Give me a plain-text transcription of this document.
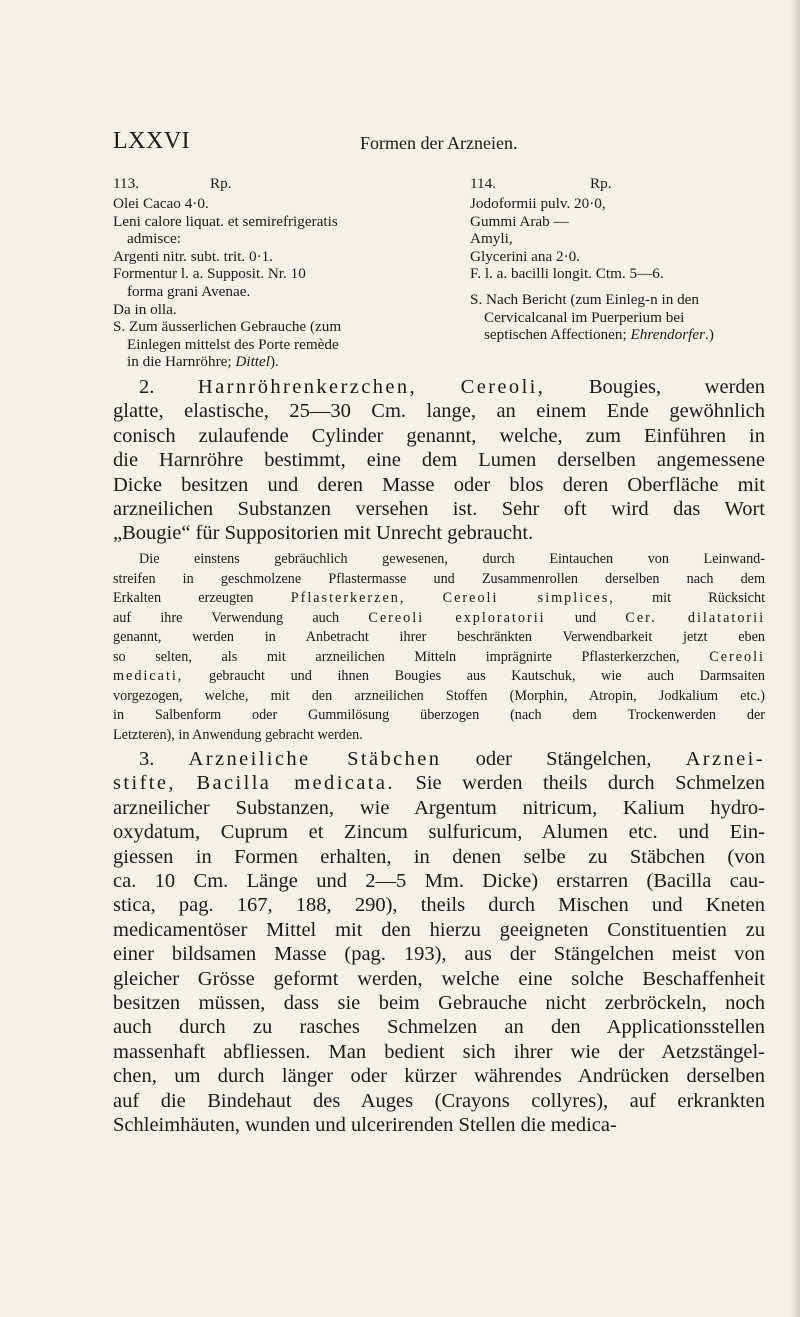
LXXVI	Formen der Arzneien.
113.	Rp.
Olei Cacao 4·0.
Leni calore liquat. et semirefrigeratis
admisce:
Argenti nitr. subt. trit. 0·1.
Formentur l. a. Supposit. Nr. 10
forma grani Avenae.
Da in olla.
S. Zum äusserlichen Gebrauche (zum
Einlegen mittelst des Porte remède
in die Harnröhre; Dittel).
114.	Rp.
Jodoformii pulv. 20·0,
Gummi Arab —
Amyli,
Glycerini ana 2·0.
F. l. a. bacilli longit. Ctm. 5—6.
S. Nach Bericht (zum Einleg-n in den
Cervicalcanal im Puerperium bei
septischen Affectionen; Ehrendorfer.)
2. Harnröhrenkerzchen, Cereoli, Bougies, werden
glatte, elastische, 25—30 Cm. lange, an einem Ende gewöhnlich
conisch zulaufende Cylinder genannt, welche, zum Einführen in
die Harnröhre bestimmt, eine dem Lumen derselben angemessene
Dicke besitzen und deren Masse oder blos deren Oberfläche mit
arzneilichen Substanzen versehen ist. Sehr oft wird das Wort
„Bougie“ für Suppositorien mit Unrecht gebraucht.
Die einstens gebräuchlich gewesenen, durch Eintauchen von Leinwand-
streifen in geschmolzene Pflastermasse und Zusammenrollen derselben nach dem
Erkalten erzeugten Pflasterkerzen,	Cereoli simplices,	mit Rücksicht
auf ihre Verwendung auch Cereoli exploratorii und Cer. dilatatorii
genannt, werden in Anbetracht ihrer beschränkten Verwendbarkeit jetzt eben
so selten, als mit arzneilichen Mitteln imprägnirte Pflasterkerzchen, Cereoli
medicati, gebraucht und ihnen Bougies aus Kautschuk, wie auch Darmsaiten
vorgezogen, welche, mit den arzneilichen Stoffen (Morphin, Atropin, Jodkalium etc.)
in Salbenform oder Gummilösung überzogen (nach dem Trockenwerden der
Letzteren), in Anwendung gebracht werden.
3. Arzneiliche Stäbchen oder Stängelchen, Arznei-
stifte, Bacilla medicata. Sie werden theils durch Schmelzen
arzneilicher Substanzen, wie Argentum nitricum, Kalium hydro-
oxydatum, Cuprum et Zincum sulfuricum, Alumen etc. und Ein-
giessen in Formen erhalten, in denen selbe zu Stäbchen (von
ca. 10 Cm. Länge und 2—5 Mm. Dicke) erstarren (Bacilla cau-
stica, pag. 167, 188, 290), theils durch Mischen und Kneten
medicamentöser Mittel mit den hierzu geeigneten Constituentien zu
einer bildsamen Masse (pag. 193), aus der Stängelchen meist von
gleicher Grösse geformt werden, welche eine solche Beschaffenheit
besitzen müssen, dass sie beim Gebrauche nicht zerbröckeln, noch
auch durch zu rasches Schmelzen an den Applicationsstellen
massenhaft abfliessen. Man bedient sich ihrer wie der Aetzstängel-
chen, um durch länger oder kürzer währendes Andrücken derselben
auf die Bindehaut des Auges (Crayons collyres), auf erkrankten
Schleimhäuten, wunden und ulcerirenden Stellen die medica-
